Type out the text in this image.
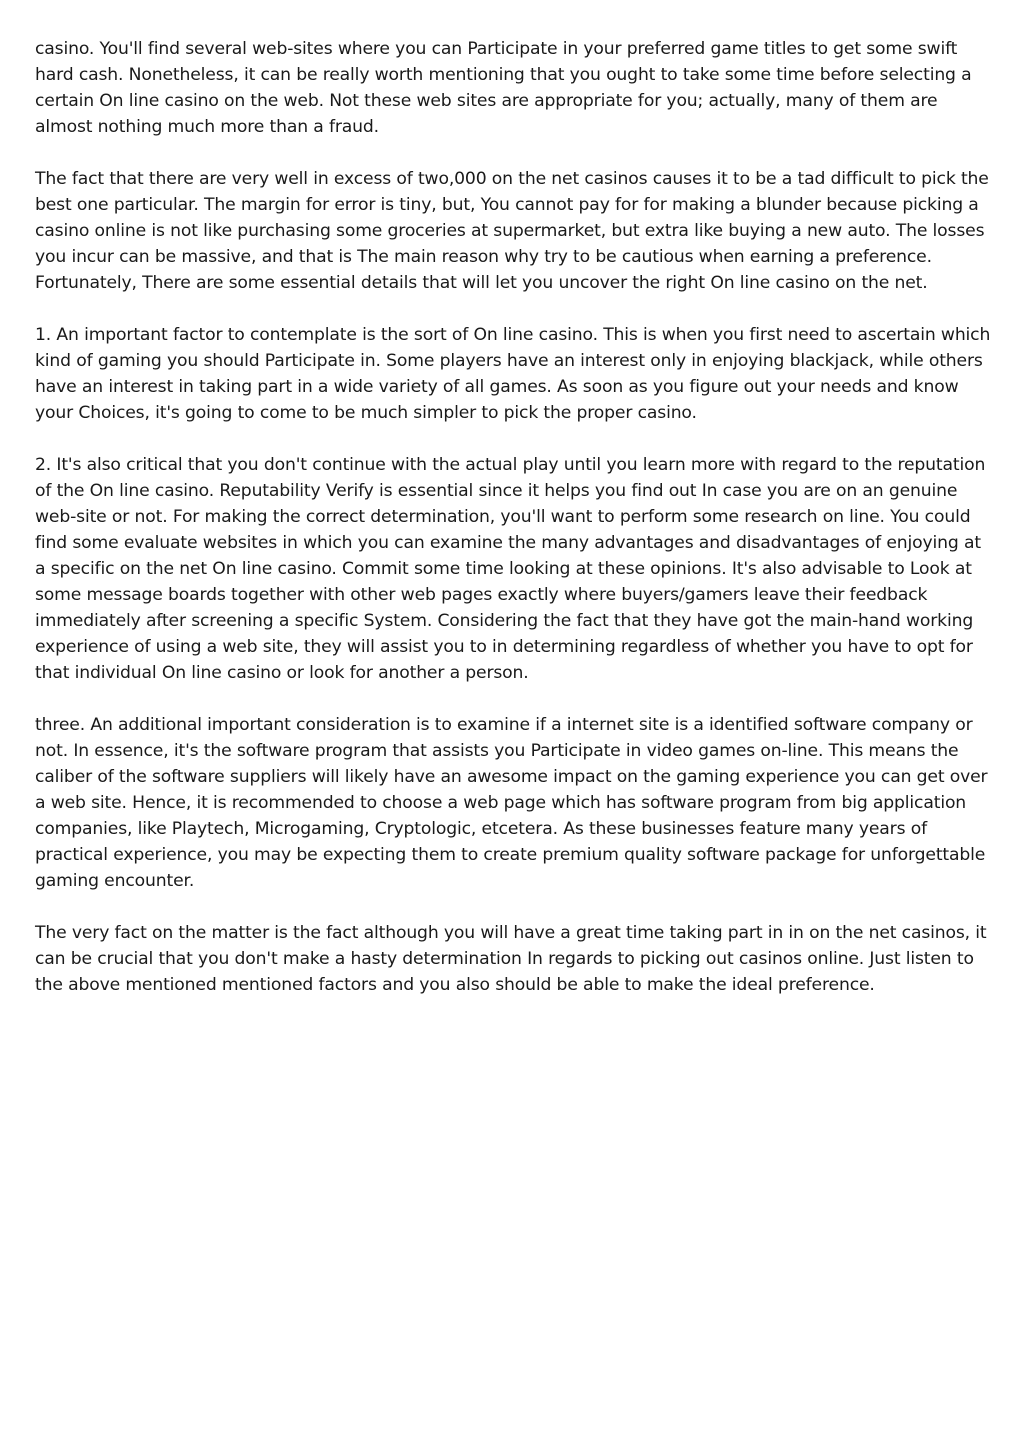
casino. You'll find several web-sites where you can Participate in your preferred game titles to get some swift hard cash. Nonetheless, it can be really worth mentioning that you ought to take some time before selecting a certain On line casino on the web. Not these web sites are appropriate for you; actually, many of them are almost nothing much more than a fraud.

The fact that there are very well in excess of two,000 on the net casinos causes it to be a tad difficult to pick the best one particular. The margin for error is tiny, but, You cannot pay for for making a blunder because picking a casino online is not like purchasing some groceries at supermarket, but extra like buying a new auto. The losses you incur can be massive, and that is The main reason why try to be cautious when earning a preference. Fortunately, There are some essential details that will let you uncover the right On line casino on the net.

1. An important factor to contemplate is the sort of On line casino. This is when you first need to ascertain which kind of gaming you should Participate in. Some players have an interest only in enjoying blackjack, while others have an interest in taking part in a wide variety of all games. As soon as you figure out your needs and know your Choices, it's going to come to be much simpler to pick the proper casino.

2. It's also critical that you don't continue with the actual play until you learn more with regard to the reputation of the On line casino. Reputability Verify is essential since it helps you find out In case you are on an genuine web-site or not. For making the correct determination, you'll want to perform some research on line. You could find some evaluate websites in which you can examine the many advantages and disadvantages of enjoying at a specific on the net On line casino. Commit some time looking at these opinions. It's also advisable to Look at some message boards together with other web pages exactly where buyers/gamers leave their feedback immediately after screening a specific System. Considering the fact that they have got the main-hand working experience of using a web site, they will assist you to in determining regardless of whether you have to opt for that individual On line casino or look for another a person.

three. An additional important consideration is to examine if a internet site is a identified software company or not. In essence, it's the software program that assists you Participate in video games on-line. This means the caliber of the software suppliers will likely have an awesome impact on the gaming experience you can get over a web site. Hence, it is recommended to choose a web page which has software program from big application companies, like Playtech, Microgaming, Cryptologic, etcetera. As these businesses feature many years of practical experience, you may be expecting them to create premium quality software package for unforgettable gaming encounter.

The very fact on the matter is the fact although you will have a great time taking part in in on the net casinos, it can be crucial that you don't make a hasty determination In regards to picking out casinos online. Just listen to the above mentioned mentioned factors and you also should be able to make the ideal preference.
